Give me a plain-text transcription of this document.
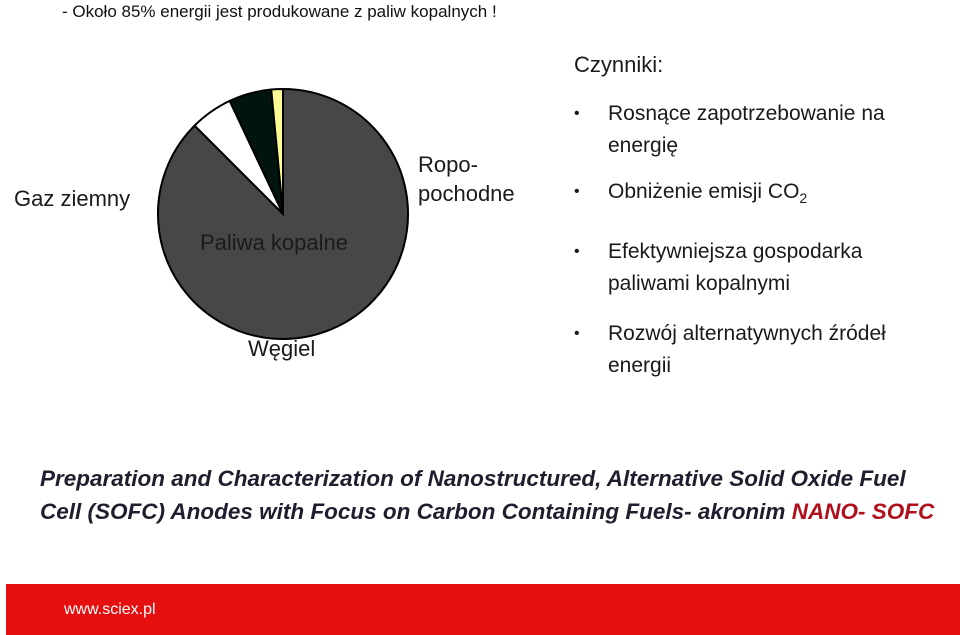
- Około 85% energii jest produkowane z paliw kopalnych !
Gaz ziemny
Paliwa kopalne
Węgiel
Ropo-
pochodne
Czynniki:
• Rosnące zapotrzebowanie na
energię
• Obniżenie emisji $CO_2$
• Efektywniejsza gospodarka
paliwami kopalnymi
• Rozwój alternatywnych źródeł
energii
Preparation and Characterization of Nanostructured, Alternative Solid Oxide Fuel
Cell (SOFC) Anodes with Focus on Carbon Containing Fuels- akronim NANO- SOFC
www.sciex.pl
